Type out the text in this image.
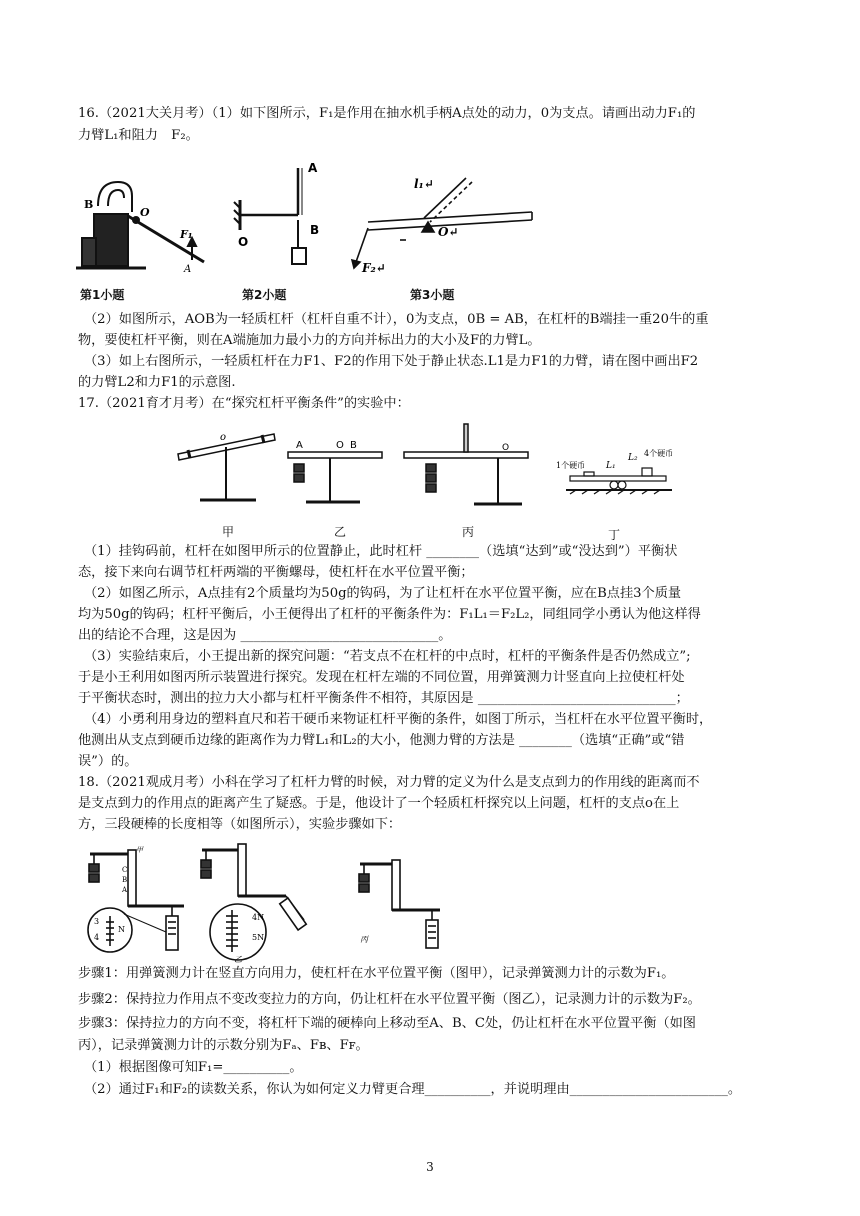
16.（2021大关月考）（1）如下图所示，F₁是作用在抽水机手柄A点处的动力，0为支点。请画出动力F₁的
力臂L₁和阻力　F₂。
B
O
F₁
A
A
B
O
l₁↵
O↵
F₂↵
第1小题	第2小题	第3小题
（2）如图所示，AOB为一轻质杠杆（杠杆自重不计），0为支点，0B = AB，在杠杆的B端挂一重20牛的重
物，要使杠杆平衡，则在A端施加力最小力的方向并标出力的大小及F的力臂L。
（3）如上右图所示，一轻质杠杆在力F1、F2的作用下处于静止状态.L1是力F1的力臂，请在图中画出F2
的力臂L2和力F1的示意图.
17.（2021育才月考）在“探究杠杆平衡条件”的实验中：
o
A	O B	O
1个硬币
4个硬币
L₁
L₂
甲	乙	丙	丁
（1）挂钩码前，杠杆在如图甲所示的位置静止，此时杠杆 ________（选填“达到”或“没达到”）平衡状
态，接下来向右调节杠杆两端的平衡螺母，使杠杆在水平位置平衡；
（2）如图乙所示，A点挂有2个质量均为50g的钩码，为了让杠杆在水平位置平衡，应在B点挂3个质量
均为50g的钩码；杠杆平衡后，小王便得出了杠杆的平衡条件为：F₁L₁＝F₂L₂，同组同学小勇认为他这样得
出的结论不合理，这是因为 ______________________________。
（3）实验结束后，小王提出新的探究问题：“若支点不在杠杆的中点时，杠杆的平衡条件是否仍然成立”;
于是小王利用如图丙所示装置进行探究。发现在杠杆左端的不同位置，用弹簧测力计竖直向上拉使杠杆处
于平衡状态时，测出的拉力大小都与杠杆平衡条件不相符，其原因是 ______________________________；
（4）小勇利用身边的塑料直尺和若干硬币来物证杠杆平衡的条件，如图丁所示，当杠杆在水平位置平衡时，
他测出从支点到硬币边缘的距离作为力臂L₁和L₂的大小，他测力臂的方法是 ________（选填“正确”或“错
误”）的。
18.（2021观成月考）小科在学习了杠杆力臂的时候，对力臂的定义为什么是支点到力的作用线的距离而不
是支点到力的作用点的距离产生了疑惑。于是，他设计了一个轻质杠杆探究以上问题，杠杆的支点o在上
方，三段硬棒的长度相等（如图所示），实验步骤如下：
甲
C
B
A
3
4
N
4N
5N
乙
丙
步骤1：用弹簧测力计在竖直方向用力，使杠杆在水平位置平衡（图甲），记录弹簧测力计的示数为F₁。
步骤2：保持拉力作用点不变改变拉力的方向，仍让杠杆在水平位置平衡（图乙），记录测力计的示数为F₂。
步骤3：保持拉力的方向不变，将杠杆下端的硬棒向上移动至A、B、C处，仍让杠杆在水平位置平衡（如图
丙），记录弹簧测力计的示数分别为Fₐ、Fʙ、Fꜰ。
（1）根据图像可知F₁=__________。
（2）通过F₁和F₂的读数关系，你认为如何定义力臂更合理__________，并说明理由________________________。
3
